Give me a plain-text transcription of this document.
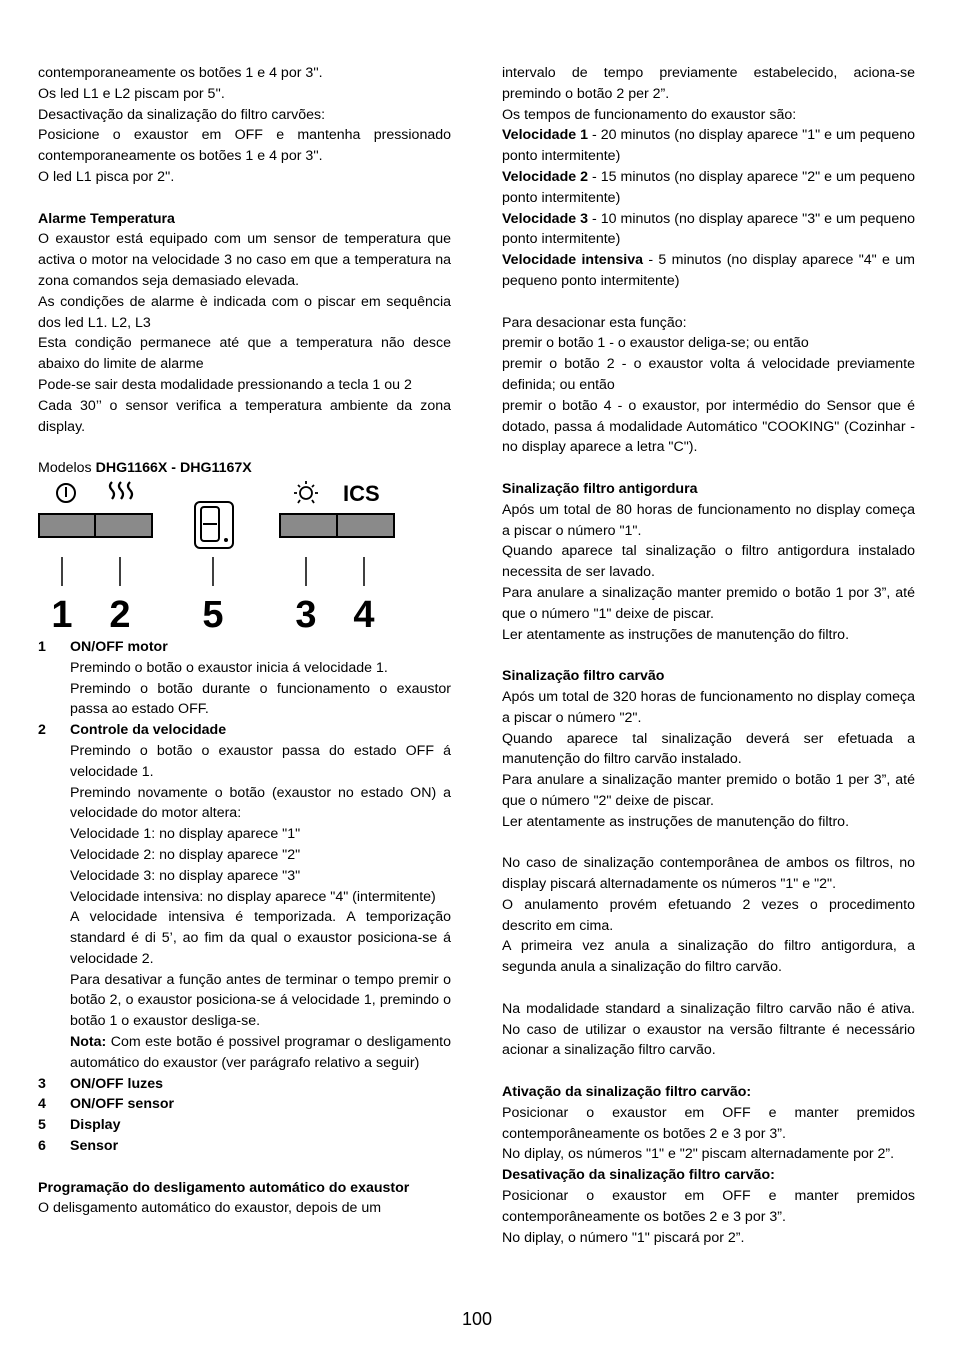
contemporaneamente os botões 1 e 4 por 3''.

Os led L1 e L2 piscam por 5''.

Desactivação da sinalização do filtro carvões:

Posicione o exaustor em OFF e mantenha pressionado contemporaneamente os botões 1 e 4 por 3''.

O led L1 pisca por 2''.

Alarme Temperatura

O exaustor está equipado com um sensor de temperatura que activa o motor na velocidade 3 no caso em que a temperatura na zona comandos seja demasiado elevada.

As condições de alarme è indicada com o piscar em sequência dos led L1. L2, L3

Esta condição permanece até que a temperatura não desce abaixo do limite de alarme

Pode-se sair desta modalidade pressionando a tecla 1 ou 2

Cada 30’’ o sensor verifica a temperatura ambiente da zona display.

Modelos DHG1166X - DHG1167X

ICS
1 2 5 3 4
1	ON/OFF motor

Premindo o botão o exaustor inicia á velocidade 1.

Premindo o botão durante o funcionamento o exaustor passa ao estado OFF.

2	Controle da velocidade

Premindo o botão o exaustor passa do estado OFF á velocidade 1.

Premindo novamente o botão (exaustor no estado ON) a velocidade do motor altera:

Velocidade 1: no display aparece "1"

Velocidade 2: no display aparece "2"

Velocidade 3: no display aparece "3"

Velocidade intensiva: no display aparece "4" (intermitente)

A velocidade intensiva é temporizada. A temporização standard é di 5’, ao fim da qual o exaustor posiciona-se á velocidade 2.

Para desativar a função antes de terminar o tempo premir o botão 2, o exaustor posiciona-se á velocidade 1, premindo o botão 1 o exaustor desliga-se.

Nota: Com este botão é possivel programar o desligamento automático do exaustor (ver parágrafo relativo a seguir)

3	ON/OFF luzes
4	ON/OFF sensor
5	Display
6	Sensor

Programação do desligamento automático do exaustor

O delisgamento automático do exaustor, depois de um

intervalo de tempo previamente estabelecido, aciona-se premindo o botão 2 per 2”.

Os tempos de funcionamento do exaustor são:

Velocidade 1 - 20 minutos (no display aparece "1" e um pequeno ponto intermitente)

Velocidade 2 - 15 minutos (no display aparece "2" e um pequeno ponto intermitente)

Velocidade 3 - 10 minutos (no display aparece "3" e um pequeno ponto intermitente)

Velocidade intensiva - 5 minutos (no display aparece "4" e um pequeno ponto intermitente)

Para desacionar esta função:

premir o botão 1 - o exaustor deliga-se; ou então

premir o botão 2 - o exaustor volta á velocidade previamente definida; ou então

premir o botão 4 - o exaustor, por intermédio do Sensor que é dotado, passa á modalidade Automático "COOKING" (Cozinhar - no display aparece a letra "C").

Sinalização filtro antigordura

Após um total de 80 horas de funcionamento no display começa a piscar o número "1".

Quando aparece tal sinalização o filtro antigordura instalado necessita de ser lavado.

Para anulare a sinalização manter premido o botão 1 por 3”, até que o número "1" deixe de piscar.

Ler atentamente as instruções de manutenção do filtro.

Sinalização filtro carvão

Após um total de 320 horas de funcionamento no display começa a piscar o número "2".

Quando aparece tal sinalização deverá ser efetuada a manutenção do filtro carvão instalado.

Para anulare a sinalização manter premido o botão 1 per 3”, até que o número "2" deixe de piscar.

Ler atentamente as instruções de manutenção do filtro.

No caso de sinalização contemporânea de ambos os filtros, no display piscará alternadamente os números "1" e "2".

O anulamento provém efetuando 2 vezes o procedimento descrito em cima.

A primeira vez anula a sinalização do filtro antigordura, a segunda anula a sinalização do filtro carvão.

Na modalidade standard a sinalização filtro carvão não é ativa. No caso de utilizar o exaustor na versão filtrante é necessário acionar a sinalização filtro carvão.

Ativação da sinalização filtro carvão:

Posicionar o exaustor em OFF e manter premidos contemporâneamente os botões 2 e 3 por 3”.

No diplay, os números "1" e "2" piscam alternadamente por 2”.

Desativação da sinalização filtro carvão:

Posicionar o exaustor em OFF e manter premidos contemporâneamente os botões 2 e 3 por 3”.

No diplay, o número "1" piscará por 2”.

100
